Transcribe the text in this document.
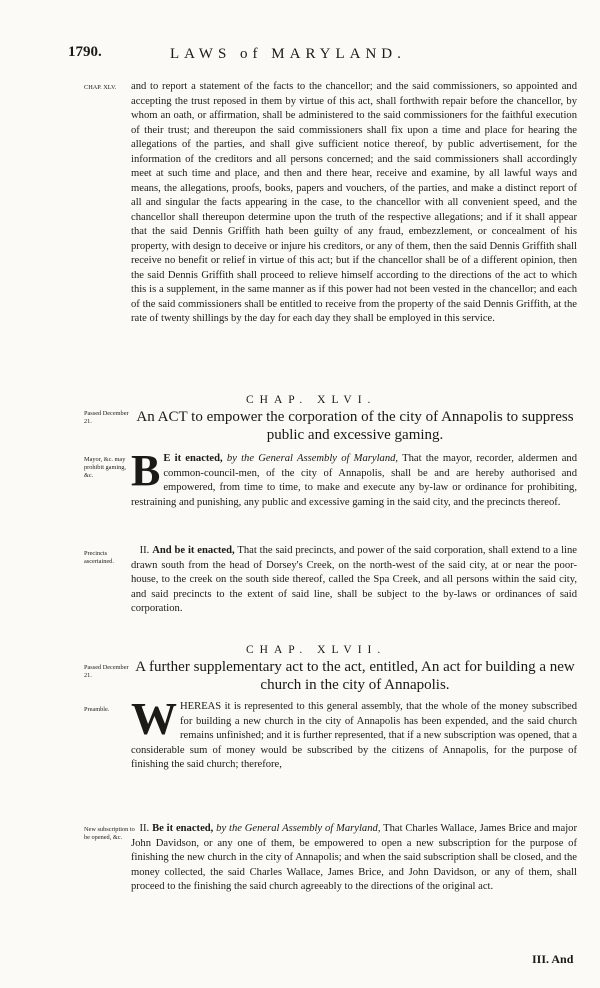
1790.	LAWS of MARYLAND.
CHAP. XLV.	and to report a statement of the facts to the chancellor; and the said commissioners, so appointed and accepting the trust reposed in them by virtue of this act, shall forthwith repair before the chancellor, by whom an oath, or affirmation, shall be administered to the said commissioners for the faithful execution of their trust; and thereupon the said commissioners shall fix upon a time and place for hearing the allegations of the parties, and shall give sufficient notice thereof, by public advertisement, for the information of the creditors and all persons concerned; and the said commissioners shall accordingly meet at such time and place, and then and there hear, receive and examine, by all lawful ways and means, the allegations, proofs, books, papers and vouchers, of the parties, and make a distinct report of all and singular the facts appearing in the case, to the chancellor with all convenient speed, and the chancellor shall thereupon determine upon the truth of the respective allegations; and if it shall appear that the said Dennis Griffith hath been guilty of any fraud, embezzlement, or concealment of his property, with design to deceive or injure his creditors, or any of them, then the said Dennis Griffith shall receive no benefit or relief in virtue of this act; but if the chancellor shall be of a different opinion, then the said Dennis Griffith shall proceed to relieve himself according to the directions of the act to which this is a supplement, in the same manner as if this power had not been vested in the chancellor; and each of the said commissioners shall be entitled to receive from the property of the said Dennis Griffith, at the rate of twenty shillings by the day for each day they shall be employed in this service.
CHAP. XLVI.
Passed December 21.	An ACT to empower the corporation of the city of Annapolis to suppress public and excessive gaming.
Mayor, &c. may prohibit gaming, &c. B E it enacted, by the General Assembly of Maryland, That the mayor, recorder, aldermen and common-council-men, of the city of Annapolis, shall be and are hereby authorised and empowered, from time to time, to make and execute any by-law or ordinance for prohibiting, restraining and punishing, any public and excessive gaming in the said city, and the precincts thereof.

Precincts ascertained.

II. And be it enacted, That the said precincts, and power of the said corporation, shall extend to a line drawn south from the head of Dorsey's Creek, on the north-west of the said city, at or near the poor-house, to the creek on the south side thereof, called the Spa Creek, and all persons within the said city, and said precincts to the extent of said line, shall be subject to the by-laws or ordinances of said corporation.

CHAP. XLVII.
Passed December 21.
A further supplementary act to the act, entitled, An act for building a new church in the city of Annapolis.
Preamble. WHEREAS it is represented to this general assembly, that the whole of the money subscribed for building a new church in the city of Annapolis has been expended, and the said church remains unfinished; and it is further represented, that if a new subscription was opened, that a considerable sum of money would be subscribed by the citizens of Annapolis, for the purpose of finishing the said church; therefore,

New subscription to be opened, &c.

II. Be it enacted, by the General Assembly of Maryland, That Charles Wallace, James Brice and major John Davidson, or any one of them, be empowered to open a new subscription for the purpose of finishing the new church in the city of Annapolis; and when the said subscription shall be closed, and the money collected, the said Charles Wallace, James Brice, and John Davidson, or any of them, shall proceed to the finishing the said church agreeably to the directions of the original act.

III. And
